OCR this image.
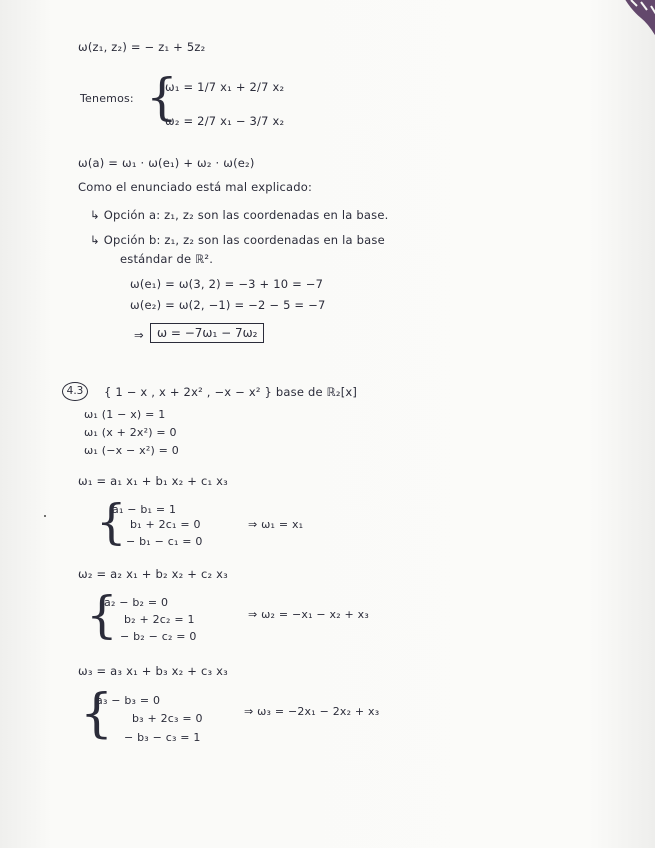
ω(z₁, z₂) = − z₁ + 5z₂
Tenemos: {
ω₁ = 1/7 x₁ + 2/7 x₂
ω₂ = 2/7 x₁ − 3/7 x₂
ω(a) = ω₁ · ω(e₁) + ω₂ · ω(e₂)
Como el enunciado está mal explicado:
↳ Opción a: z₁, z₂ son las coordenadas en la base.
↳ Opción b: z₁, z₂ son las coordenadas en la base
estándar de ℝ².
ω(e₁) = ω(3, 2) = −3 + 10 = −7
ω(e₂) = ω(2, −1) = −2 − 5 = −7
⇒	ω = −7ω₁ − 7ω₂
4.3	{ 1 − x , x + 2x² , −x − x² } base de ℝ₂[x]
ω₁ (1 − x) = 1
ω₁ (x + 2x²) = 0
ω₁ (−x − x²) = 0
ω₁ = a₁ x₁ + b₁ x₂ + c₁ x₃
{
a₁ − b₁ = 1
b₁ + 2c₁ = 0
− b₁ − c₁ = 0
⇒ ω₁ = x₁
ω₂ = a₂ x₁ + b₂ x₂ + c₂ x₃
{
a₂ − b₂ = 0
b₂ + 2c₂ = 1
− b₂ − c₂ = 0
⇒ ω₂ = −x₁ − x₂ + x₃
ω₃ = a₃ x₁ + b₃ x₂ + c₃ x₃
{
a₃ − b₃ = 0
b₃ + 2c₃ = 0
− b₃ − c₃ = 1
⇒ ω₃ = −2x₁ − 2x₂ + x₃
